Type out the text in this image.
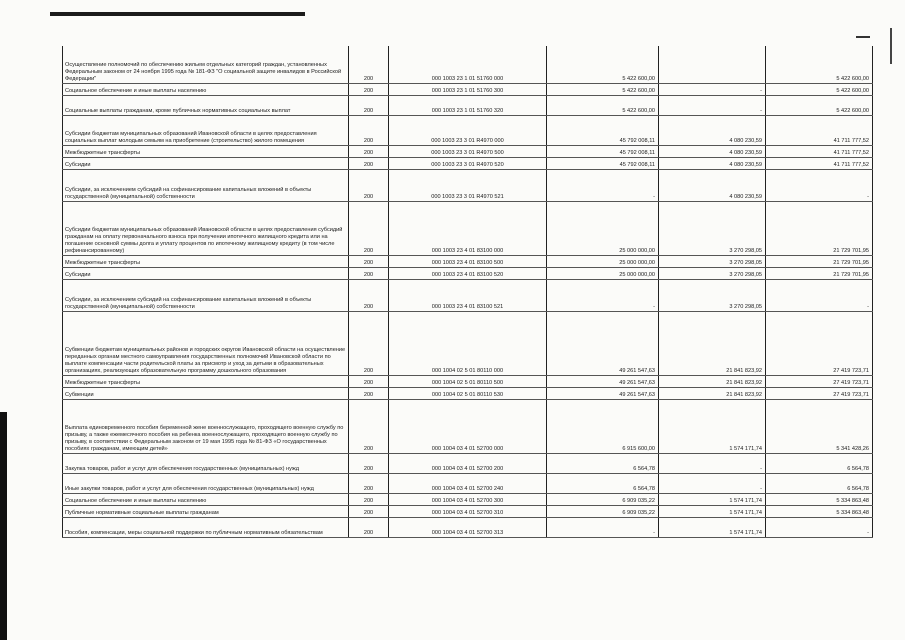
Осуществление полномочий по обеспечению жильем отдельных категорий граждан, установленных Федеральным законом от 24 ноября 1995 года № 181-ФЗ "О социальной защите инвалидов в Российской Федерации"	200	000 1003 23 1 01 51760 000	5 422 600,00		5 422 600,00
Социальное обеспечение и иные выплаты населению	200	000 1003 23 1 01 51760 300	5 422 600,00	-	5 422 600,00
Социальные выплаты гражданам, кроме публичных нормативных социальных выплат	200	000 1003 23 1 01 51760 320	5 422 600,00	-	5 422 600,00
Субсидии бюджетам муниципальных образований Ивановской области в целях предоставления социальных выплат молодым семьям на приобретение (строительство) жилого помещения	200	000 1003 23 3 01 R4970 000	45 792 008,11	4 080 230,59	41 711 777,52
Межбюджетные трансферты	200	000 1003 23 3 01 R4970 500	45 792 008,11	4 080 230,59	41 711 777,52
Субсидии	200	000 1003 23 3 01 R4970 520	45 792 008,11	4 080 230,59	41 711 777,52
Субсидии, за исключением субсидий на софинансирование капитальных вложений в объекты государственной (муниципальной) собственности	200	000 1003 23 3 01 R4970 521	-	4 080 230,59	-
Субсидии бюджетам муниципальных образований Ивановской области в целях предоставления субсидий гражданам на оплату первоначального взноса при получении ипотечного жилищного кредита или на погашение основной суммы долга и уплату процентов по ипотечному жилищному кредиту (в том числе рефинансированному)	200	000 1003 23 4 01 83100 000	25 000 000,00	3 270 298,05	21 729 701,95
Межбюджетные трансферты	200	000 1003 23 4 01 83100 500	25 000 000,00	3 270 298,05	21 729 701,95
Субсидии	200	000 1003 23 4 01 83100 520	25 000 000,00	3 270 298,05	21 729 701,95
Субсидии, за исключением субсидий на софинансирование капитальных вложений в объекты государственной (муниципальной) собственности	200	000 1003 23 4 01 83100 521	-	3 270 298,05	-
Субвенции бюджетам муниципальных районов и городских округов Ивановской области на осуществление переданных органам местного самоуправления государственных полномочий Ивановской области по выплате компенсации части родительской платы за присмотр и уход за детьми в образовательных организациях, реализующих образовательную программу дошкольного образования	200	000 1004 02 5 01 80110 000	49 261 547,63	21 841 823,92	27 419 723,71
Межбюджетные трансферты	200	000 1004 02 5 01 80110 500	49 261 547,63	21 841 823,92	27 419 723,71
Субвенции	200	000 1004 02 5 01 80110 530	49 261 547,63	21 841 823,92	27 419 723,71
Выплата единовременного пособия беременной жене военнослужащего, проходящего военную службу по призыву, а также ежемесячного пособия на ребенка военнослужащего, проходящего военную службу по призыву, в соответствии с Федеральным законом от 19 мая 1995 года № 81-ФЗ «О государственных пособиях гражданам, имеющим детей»	200	000 1004 03 4 01 52700 000	6 915 600,00	1 574 171,74	5 341 428,26
Закупка товаров, работ и услуг для обеспечения государственных (муниципальных) нужд	200	000 1004 03 4 01 52700 200	6 564,78	-	6 564,78
Иные закупки товаров, работ и услуг для обеспечения государственных (муниципальных) нужд	200	000 1004 03 4 01 52700 240	6 564,78	-	6 564,78
Социальное обеспечение и иные выплаты населению	200	000 1004 03 4 01 52700 300	6 909 035,22	1 574 171,74	5 334 863,48
Публичные нормативные социальные выплаты гражданам	200	000 1004 03 4 01 52700 310	6 909 035,22	1 574 171,74	5 334 863,48
Пособия, компенсации, меры социальной поддержки по публичным нормативным обязательствам	200	000 1004 03 4 01 52700 313	-	1 574 171,74	-
